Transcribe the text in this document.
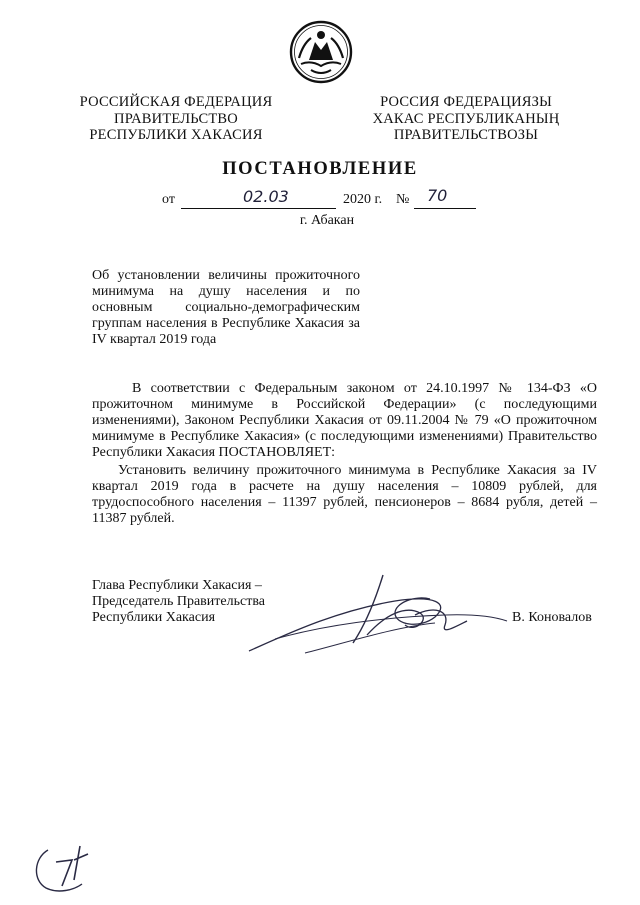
РОССИЙСКАЯ ФЕДЕРАЦИЯ
ПРАВИТЕЛЬСТВО
РЕСПУБЛИКИ ХАКАСИЯ
РОССИЯ ФЕДЕРАЦИЯЗЫ
ХАКАС РЕСПУБЛИКАНЫҢ
ПРАВИТЕЛЬСТВОЗЫ
ПОСТАНОВЛЕНИЕ
от	02.03	2020 г. № 70
г. Абакан
Об установлении величины прожиточного минимума на душу населения и по основным социально-демографическим группам населения в Республике Хакасия за IV квартал 2019 года
В соответствии с Федеральным законом от 24.10.1997 № 134-ФЗ «О прожиточном минимуме в Российской Федерации» (с последующими изменениями), Законом Республики Хакасия от 09.11.2004 № 79 «О прожиточном минимуме в Республике Хакасия» (с последующими изменениями) Правительство Республики Хакасия ПОСТАНОВЛЯЕТ:
Установить величину прожиточного минимума в Республике Хакасия за IV квартал 2019 года в расчете на душу населения – 10809 рублей, для трудоспособного населения – 11397 рублей, пенсионеров – 8684 рубля, детей – 11387 рублей.
Глава Республики Хакасия –
Председатель Правительства
Республики Хакасия	В. Коновалов
